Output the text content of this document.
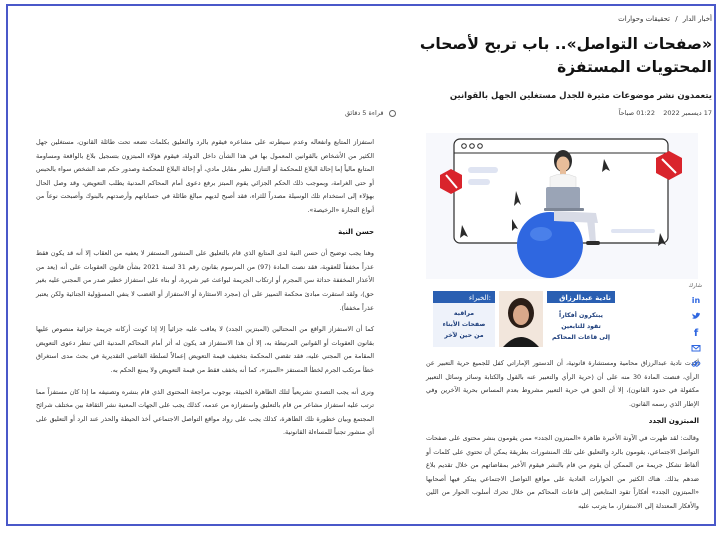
أخبار الدار / تحقيقات وحوارات
«صفحات التواصل».. باب تربح لأصحاب المحتويات المستفزة
يتعمدون نشر موضوعات مثيرة للجدل مستغلين الجهل بالقوانين
17 ديسمبر 2022    01:22 صباحاً
قراءة 5 دقائق

استفزاز المتابع وانفعاله وعدم سيطرته على مشاعره فيقوم بالرد والتعليق بكلمات تضعه تحت طائلة القانون، مستغلين جهل الكثير من الأشخاص بالقوانين المعمول بها في هذا الشأن داخل الدولة، فيقوم هؤلاء المبتزون بتسجيل بلاغ بالواقعة ومساومة المتابع مالياً إما إحالة البلاغ للمحكمة أو التنازل نظير مقابل مادي، أو إحالة البلاغ للمحكمة وصدور حكم ضد الشخص سواء بالحبس أو حتى الغرامة، وبموجب ذلك الحكم الجزائي يقوم المبتز برفع دعوى أمام المحاكم المدنية يطلب التعويض، وقد وصل الحال بهؤلاء إلى استخدام تلك الوسيلة مصدراً للثراء، فقد أصبح لديهم مبالغ طائلة في حساباتهم وأرصدتهم بالبنوك وأصبحت نوعاً من أنواع التجارة «الرخيصة».

حسن النية

وهنا يجب توضيح أن حسن النية لدى المتابع الذي قام بالتعليق على المنشور المستفز لا يعفيه من العقاب إلا أنه قد يكون فقط عذراً مخففاً للعقوبة، فقد نصت المادة (97) من المرسوم بقانون رقم 31 لسنة 2021 بشأن قانون العقوبات على أنه (يعد من الأعذار المخففة حداثة سن المجرم أو ارتكاب الجريمة لبواعث غير شريرة، أو بناء على استفزاز خطير صدر من المجني عليه بغير حق)، ولقد استقرت مبادئ محكمة التمييز على أن (مجرد الاستثارة أو الاستفزاز أو الغضب لا ينفي المسؤولية الجنائية ولكن يعتبر عذراً مخففاً).

كما أن الاستفزاز الواقع من المحتالين (المبتزين الجدد) لا يعاقب عليه جزائياً إلا إذا كونت أركانه جريمة جزائية منصوص عليها بقانون العقوبات أو القوانين المرتبطة به، إلا أن هذا الاستفزاز قد يكون له أثر أمام المحاكم المدنية التي تنظر دعوى التعويض المقامة من المجني عليه، فقد تقضي المحكمة بتخفيف قيمة التعويض إعمالاً لسلطة القاضي التقديرية في بحث مدى استغراق خطأ مرتكب الجرم لخطأ المستفز «المبتز»، كما أنه يخفف فقط من قيمة التعويض ولا يمنع الحكم به.

ونرى أنه يجب التصدي تشريعياً لتلك الظاهرة الخبيثة، بوجوب مراجعة المحتوى الذي قام بنشره وتصنيفه ما إذا كان مستفزاً مما ترتب عليه استفزاز مشاعر من قام بالتعليق واستفزازه من عدمه، كذلك يجب على الجهات المعنية نشر الثقافة بين مختلف شرائح المجتمع وبيان خطورة تلك الظاهرة، كذلك يجب على رواد مواقع التواصل الاجتماعي أخذ الحيطة والحذر عند الرد أو التعليق على أي منشور تجنباً للمساءلة القانونية.

الخبراء:
مراقبة
صفحات الأبناء
من حين لآخر
نادية عبدالرزاق
يبتكرون أفكاراً
تقود للتابعين
إلى قاعات المحاكم

أكدت نادية عبدالرزاق محامية ومستشارة قانونية، أن الدستور الإماراتي كفل للجميع حرية التعبير عن الرأي، فنصت المادة 30 منه على أن (حرية الرأي والتعبير عنه بالقول والكتابة وسائر وسائل التعبير مكفولة في حدود القانون)، إلا أن الحق في حرية التعبير مشروط بعدم المساس بحرية الآخرين وفي الإطار الذي رسمه القانون.

المبتزون الجدد

وقالت: لقد ظهرت في الآونة الأخيرة ظاهرة «المبتزون الجدد» ممن يقومون بنشر محتوى على صفحات التواصل الاجتماعي، يقومون بالرد والتعليق على تلك المنشورات بطريقة يمكن أن تحتوي على كلمات أو ألفاظ تشكل جريمة من الممكن أن يقوم من قام بالنشر فيقوم الأخير بمقاضاتهم من خلال تقديم بلاغ ضدهم بذلك. هناك الكثير من الحوارات العادية على مواقع التواصل الاجتماعي يبتكر فيها أصحابها «المبتزون الجدد» أفكاراً تقود المتابعين إلى قاعات المحاكم من خلال تحرك أسلوب الحوار من اللين والأفكار المعتدلة إلى الاستفزاز، ما يترتب عليه

شارك
in
f
